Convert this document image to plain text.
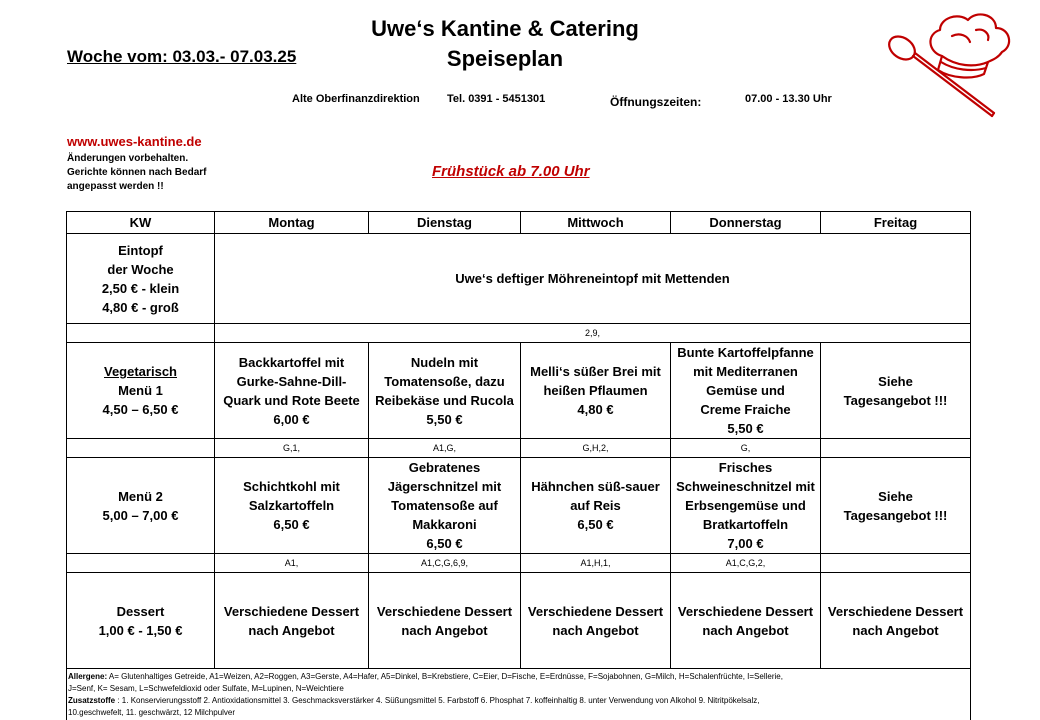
Uwe‘s Kantine & Catering
Speiseplan
Woche vom: 03.03.- 07.03.25
Alte Oberfinanzdirektion Tel. 0391 - 5451301	Öffnungszeiten:	07.00 - 13.30 Uhr
www.uwes-kantine.de
Änderungen vorbehalten.
Gerichte können nach Bedarf
angepasst werden !!
Frühstück ab 7.00 Uhr
KW	Montag	Dienstag	Mittwoch	Donnerstag	Freitag

Eintopf
der Woche
2,50 € - klein
4,80 € - groß	Uwe‘s deftiger Möhreneintopf mit Mettenden				
	2,9,				

Vegetarisch
Menü 1
4,50 – 6,50 €	Backkartoffel mit
Gurke-Sahne-Dill-
Quark und Rote Beete
6,00 €	Nudeln mit
Tomatensoße, dazu
Reibekäse und Rucola
5,50 €	Melli‘s süßer Brei mit
heißen Pflaumen
4,80 €	Bunte Kartoffelpfanne
mit Mediterranen
Gemüse und
Creme Fraiche
5,50 €	Siehe
Tagesangebot !!!

	G,1,	A1,G,	G,H,2,	G,	

Menü 2
5,00 – 7,00 €	Schichtkohl mit
Salzkartoffeln
6,50 €	Gebratenes
Jägerschnitzel mit
Tomatensoße auf
Makkaroni
6,50 €	Hähnchen süß-sauer
auf Reis
6,50 €	Frisches
Schweineschnitzel mit
Erbsengemüse und
Bratkartoffeln
7,00 €	Siehe
Tagesangebot !!!

	A1,	A1,C,G,6,9,	A1,H,1,	A1,C,G,2,	

Dessert
1,00 € - 1,50 €	Verschiedene Dessert
nach Angebot	Verschiedene Dessert
nach Angebot	Verschiedene Dessert
nach Angebot	Verschiedene Dessert
nach Angebot	Verschiedene Dessert
nach Angebot

Allergene: A= Glutenhaltiges Getreide, A1=Weizen, A2=Roggen, A3=Gerste, A4=Hafer, A5=Dinkel, B=Krebstiere, C=Eier, D=Fische, E=Erdnüsse, F=Sojabohnen, G=Milch, H=Schalenfrüchte, I=Sellerie,
J=Senf, K= Sesam, L=Schwefeldioxid oder Sulfate, M=Lupinen, N=Weichtiere
Zusatzstoffe : 1. Konservierungsstoff 2. Antioxidationsmittel 3. Geschmacksverstärker 4. Süßungsmittel 5. Farbstoff 6. Phosphat 7. koffeinhaltig 8. unter Verwendung von Alkohol 9. Nitritpökelsalz,
10.geschwefelt, 11. geschwärzt, 12 Milchpulver					
